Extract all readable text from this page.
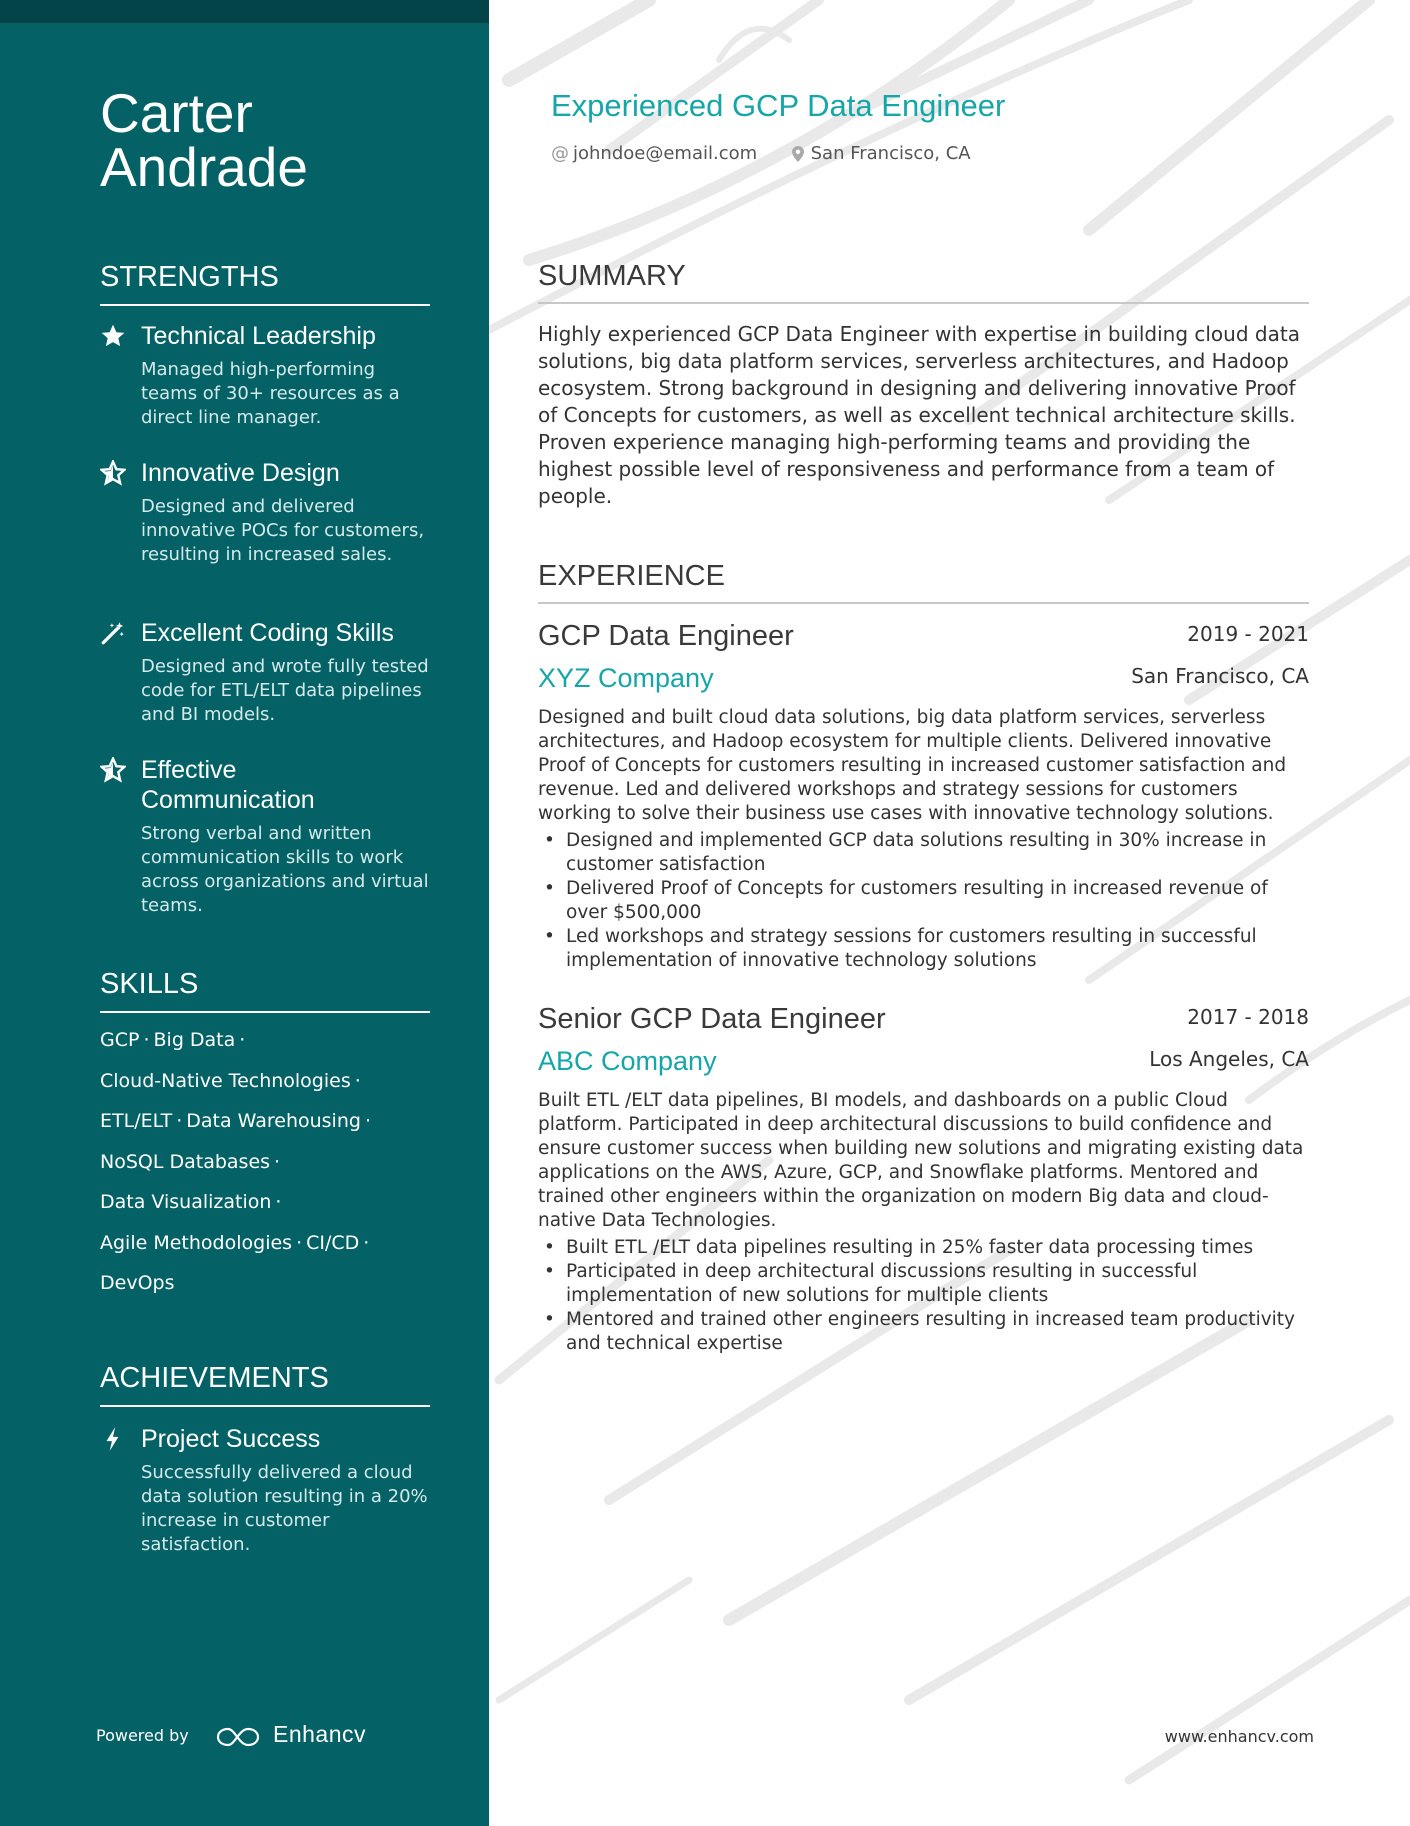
Carter
Andrade
STRENGTHS
Technical Leadership
Managed high-performing teams of 30+ resources as a direct line manager.
Innovative Design
Designed and delivered innovative POCs for customers, resulting in increased sales.
Excellent Coding Skills
Designed and wrote fully tested code for ETL/ELT data pipelines and BI models.
Effective Communication
Strong verbal and written communication skills to work across organizations and virtual teams.
SKILLS
GCP · Big Data ·
Cloud-Native Technologies ·
ETL/ELT · Data Warehousing ·
NoSQL Databases ·
Data Visualization ·
Agile Methodologies · CI/CD ·
DevOps
ACHIEVEMENTS
Project Success
Successfully delivered a cloud data solution resulting in a 20% increase in customer satisfaction.
Powered by	Enhancv
Experienced GCP Data Engineer
@ johndoe@email.com	San Francisco, CA
SUMMARY
Highly experienced GCP Data Engineer with expertise in building cloud data solutions, big data platform services, serverless architectures, and Hadoop ecosystem. Strong background in designing and delivering innovative Proof of Concepts for customers, as well as excellent technical architecture skills. Proven experience managing high-performing teams and providing the highest possible level of responsiveness and performance from a team of people.
EXPERIENCE
GCP Data Engineer	2019 - 2021
XYZ Company	San Francisco, CA
Designed and built cloud data solutions, big data platform services, serverless architectures, and Hadoop ecosystem for multiple clients. Delivered innovative Proof of Concepts for customers resulting in increased customer satisfaction and revenue. Led and delivered workshops and strategy sessions for customers working to solve their business use cases with innovative technology solutions.
• Designed and implemented GCP data solutions resulting in 30% increase in customer satisfaction
• Delivered Proof of Concepts for customers resulting in increased revenue of over $500,000
• Led workshops and strategy sessions for customers resulting in successful implementation of innovative technology solutions
Senior GCP Data Engineer	2017 - 2018
ABC Company	Los Angeles, CA
Built ETL /ELT data pipelines, BI models, and dashboards on a public Cloud platform. Participated in deep architectural discussions to build confidence and ensure customer success when building new solutions and migrating existing data applications on the AWS, Azure, GCP, and Snowflake platforms. Mentored and trained other engineers within the organization on modern Big data and cloud-native Data Technologies.
• Built ETL /ELT data pipelines resulting in 25% faster data processing times
• Participated in deep architectural discussions resulting in successful implementation of new solutions for multiple clients
• Mentored and trained other engineers resulting in increased team productivity and technical expertise
www.enhancv.com
